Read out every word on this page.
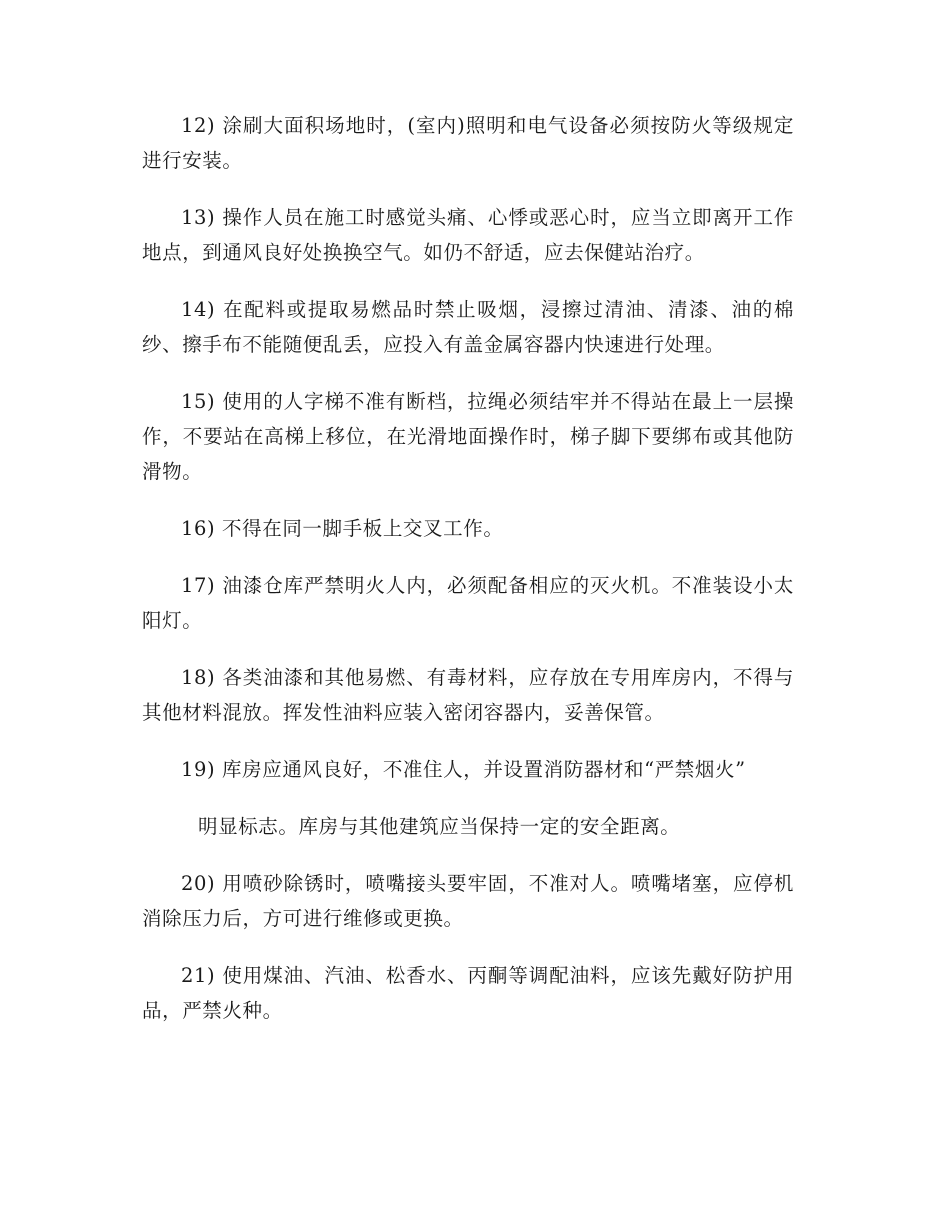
12) 涂刷大面积场地时，(室内)照明和电气设备必须按防火等级规定进行安装。

13) 操作人员在施工时感觉头痛、心悸或恶心时，应当立即离开工作地点，到通风良好处换换空气。如仍不舒适，应去保健站治疗。

14) 在配料或提取易燃品时禁止吸烟，浸擦过清油、清漆、油的棉纱、擦手布不能随便乱丢，应投入有盖金属容器内快速进行处理。

15) 使用的人字梯不准有断档，拉绳必须结牢并不得站在最上一层操作，不要站在高梯上移位，在光滑地面操作时，梯子脚下要绑布或其他防滑物。

16) 不得在同一脚手板上交叉工作。

17) 油漆仓库严禁明火人内，必须配备相应的灭火机。不准装设小太阳灯。

18) 各类油漆和其他易燃、有毒材料，应存放在专用库房内，不得与其他材料混放。挥发性油料应装入密闭容器内，妥善保管。

19) 库房应通风良好，不准住人，并设置消防器材和“严禁烟火”

明显标志。库房与其他建筑应当保持一定的安全距离。

20) 用喷砂除锈时，喷嘴接头要牢固，不准对人。喷嘴堵塞，应停机消除压力后，方可进行维修或更换。

21) 使用煤油、汽油、松香水、丙酮等调配油料，应该先戴好防护用品，严禁火种。
